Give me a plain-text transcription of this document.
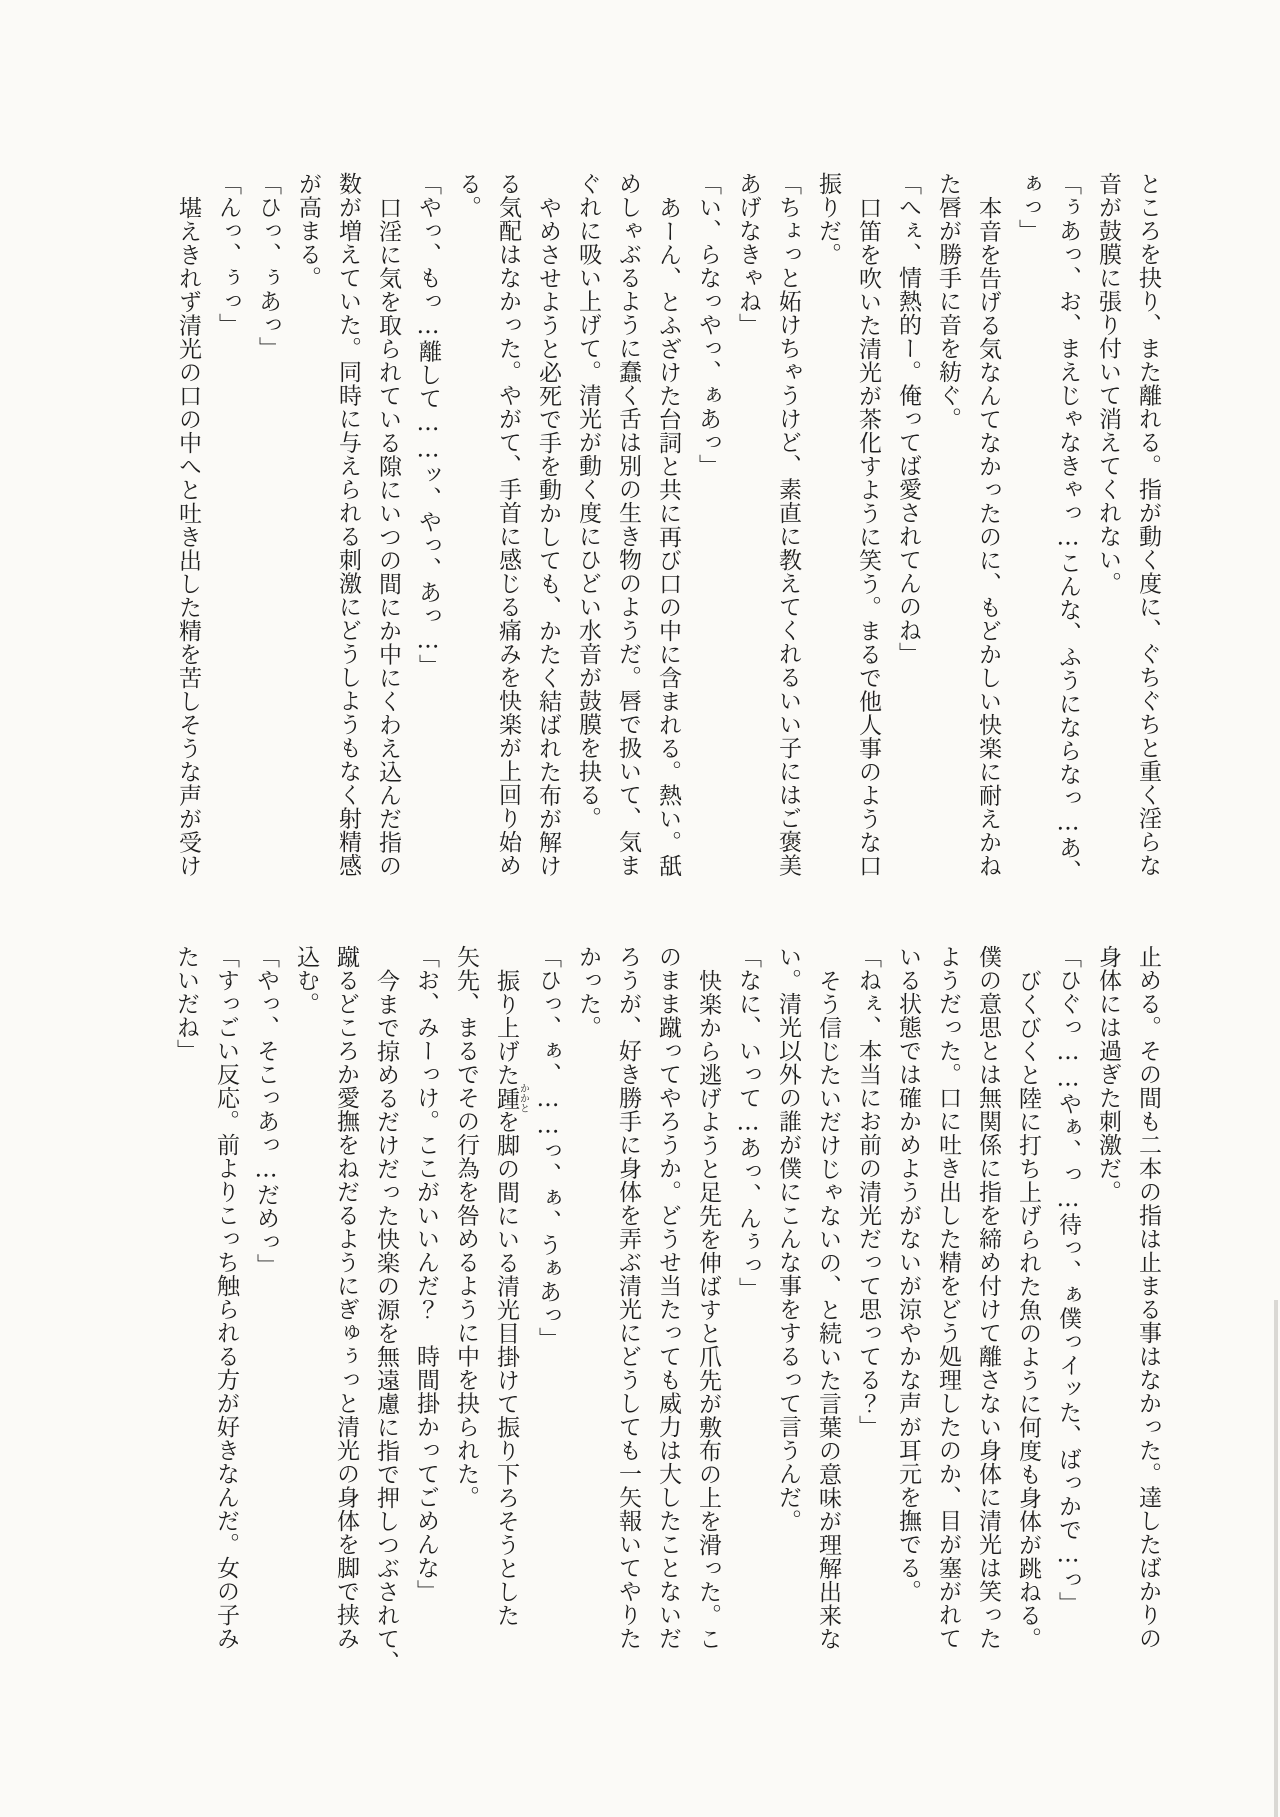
ところを抉り、また離れる。指が動く度に、ぐちぐちと重く淫らな
音が鼓膜に張り付いて消えてくれない。
「ぅあっ、お、まえじゃなきゃっ…こんな、ふうにならなっ…あ、
ぁっ」
本音を告げる気なんてなかったのに、もどかしい快楽に耐えかね
た唇が勝手に音を紡ぐ。
「へぇ、情熱的ー。俺ってば愛されてんのね」
口笛を吹いた清光が茶化すように笑う。まるで他人事のような口
振りだ。
「ちょっと妬けちゃうけど、素直に教えてくれるいい子にはご褒美
あげなきゃね」
「い、らなっやっ、ぁあっ」
あーん、とふざけた台詞と共に再び口の中に含まれる。熱い。舐
めしゃぶるように蠢く舌は別の生き物のようだ。唇で扱いて、気ま
ぐれに吸い上げて。清光が動く度にひどい水音が鼓膜を抉る。
やめさせようと必死で手を動かしても、かたく結ばれた布が解け
る気配はなかった。やがて、手首に感じる痛みを快楽が上回り始め
る。
「やっ、もっ…離して……ッ、やっ、あっ…」
口淫に気を取られている隙にいつの間にか中にくわえ込んだ指の
数が増えていた。同時に与えられる刺激にどうしようもなく射精感
が高まる。
「ひっ、ぅあっ」
「んっ、ぅっ」
堪えきれず清光の口の中へと吐き出した精を苦しそうな声が受け
止める。その間も二本の指は止まる事はなかった。達したばかりの
身体には過ぎた刺激だ。
「ひぐっ……やぁ、っ…待っ、ぁ僕っイッた、ばっかで…っ」
びくびくと陸に打ち上げられた魚のように何度も身体が跳ねる。
僕の意思とは無関係に指を締め付けて離さない身体に清光は笑った
ようだった。口に吐き出した精をどう処理したのか、目が塞がれて
いる状態では確かめようがないが涼やかな声が耳元を撫でる。
「ねぇ、本当にお前の清光だって思ってる？」
そう信じたいだけじゃないの、と続いた言葉の意味が理解出来な
い。清光以外の誰が僕にこんな事をするって言うんだ。
「なに、いって…あっ、んぅっ」
快楽から逃げようと足先を伸ばすと爪先が敷布の上を滑った。こ
のまま蹴ってやろうか。どうせ当たっても威力は大したことないだ
ろうが、好き勝手に身体を弄ぶ清光にどうしても一矢報いてやりた
かった。
「ひっ、ぁ、……っ、ぁ、うぁあっ」
振り上げた踵かかとを脚の間にいる清光目掛けて振り下ろそうとした
矢先、まるでその行為を咎めるように中を抉られた。
「お、みーっけ。ここがいいんだ？　時間掛かってごめんな」
今まで掠めるだけだった快楽の源を無遠慮に指で押しつぶされて、
蹴るどころか愛撫をねだるようにぎゅぅっと清光の身体を脚で挟み
込む。
「やっ、そこっあっ…だめっ」
「すっごい反応。前よりこっち触られる方が好きなんだ。女の子み
たいだね」
